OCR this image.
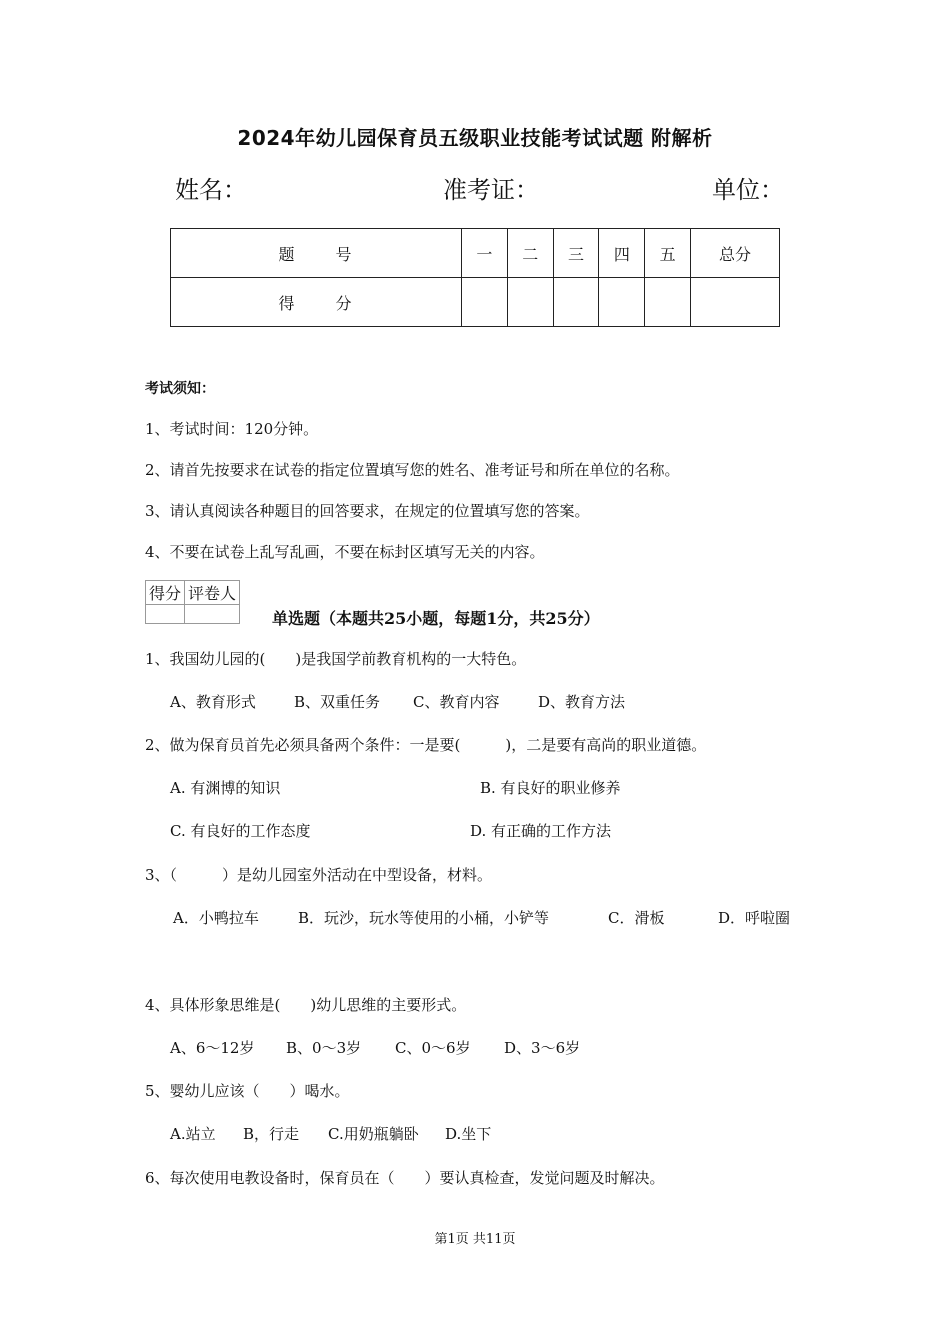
2024年幼儿园保育员五级职业技能考试试题 附解析
姓名：	准考证：	单位：
题 号	一	二	三	四	五	总分
得 分						
考试须知：
1、考试时间：120分钟。
2、请首先按要求在试卷的指定位置填写您的姓名、准考证号和所在单位的名称。
3、请认真阅读各种题目的回答要求，在规定的位置填写您的答案。
4、不要在试卷上乱写乱画，不要在标封区填写无关的内容。
得分	评卷人

单选题（本题共25小题，每题1分，共25分）
1、我国幼儿园的(　　)是我国学前教育机构的一大特色。
A、教育形式	B、双重任务 C、教育内容	D、教育方法
2、做为保育员首先必须具备两个条件：一是要(　　　)，二是要有高尚的职业道德。
A. 有渊博的知识	B. 有良好的职业修养
C. 有良好的工作态度	D. 有正确的工作方法
3、（　　　）是幼儿园室外活动在中型设备，材料。
A．小鸭拉车	B．玩沙，玩水等使用的小桶，小铲等	C．滑板	D．呼啦圈
4、具体形象思维是(　　)幼儿思维的主要形式。
A、6～12岁 B、0～3岁 C、0～6岁 D、3～6岁
5、婴幼儿应该（　　）喝水。
A.站立 B，行走 C.用奶瓶躺卧 D.坐下
6、每次使用电教设备时，保育员在（　　）要认真检查，发觉问题及时解决。
第1页 共11页
